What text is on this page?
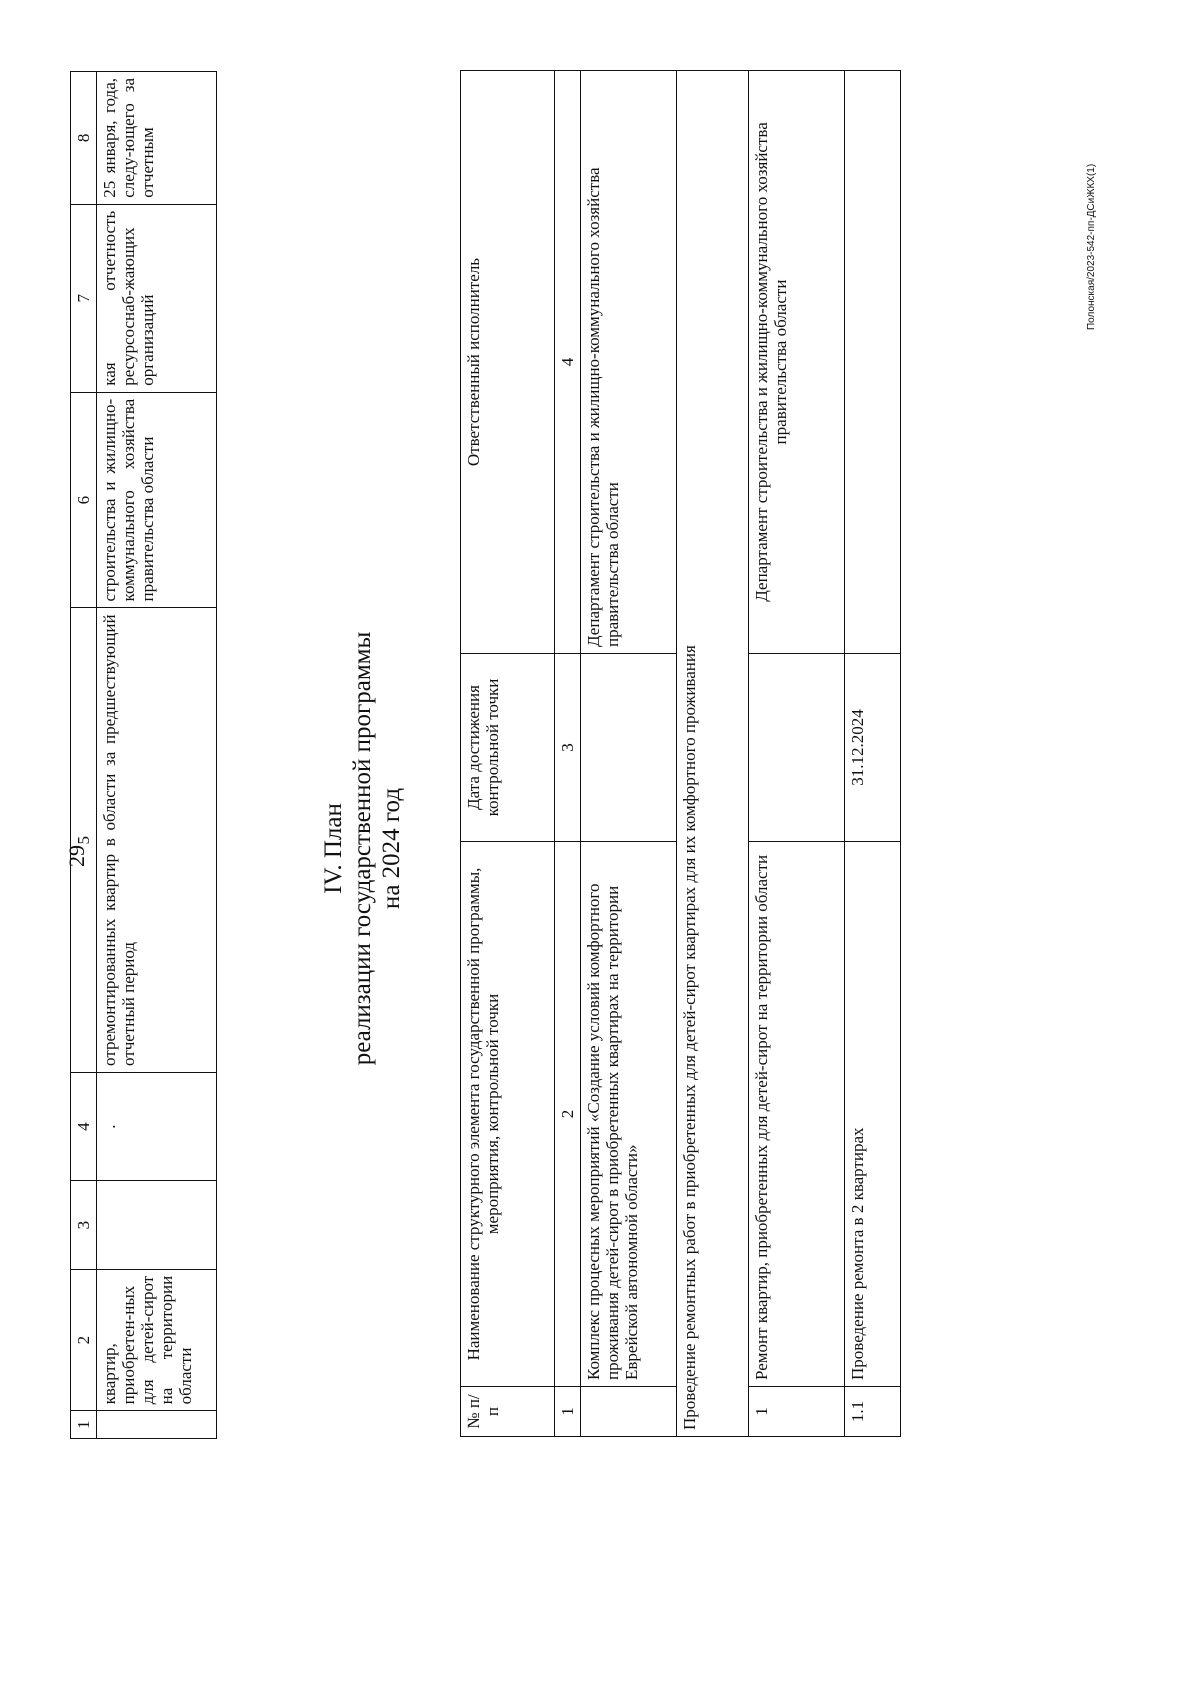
29
1	2	3	4	5	6	7	8
	квартир, приобретен-ных для детей-сирот на территории области		.	отремонтированных квартир в области за предшествующий отчетный период	строительства и жилищно-коммунального хозяйства правительства области	кая отчетность ресурсоснаб-жающих организаций	25 января, года, следу-ющего за отчетным
IV. План реализации государственной программы на 2024 год
№ п/п	Наименование структурного элемента государственной программы, мероприятия, контрольной точки	Дата достижения контрольной точки	Ответственный исполнитель
1	2	3	4
	Комплекс процесных мероприятий «Создание условий комфортного проживания детей-сирот в приобретенных квартирах на территории Еврейской автономной области»		Департамент строительства и жилищно-коммунального хозяйства правительства области
Проведение ремонтных работ в приобретенных для детей-сирот квартирах для их комфортного проживания			
1	Ремонт квартир, приобретенных для детей-сирот на территории области		Департамент строительства и жилищно-коммунального хозяйства правительства области
1.1	Проведение ремонта в 2 квартирах	31.12.2024	
Полонская/2023-542-пп-ДСиЖКХ(1)
